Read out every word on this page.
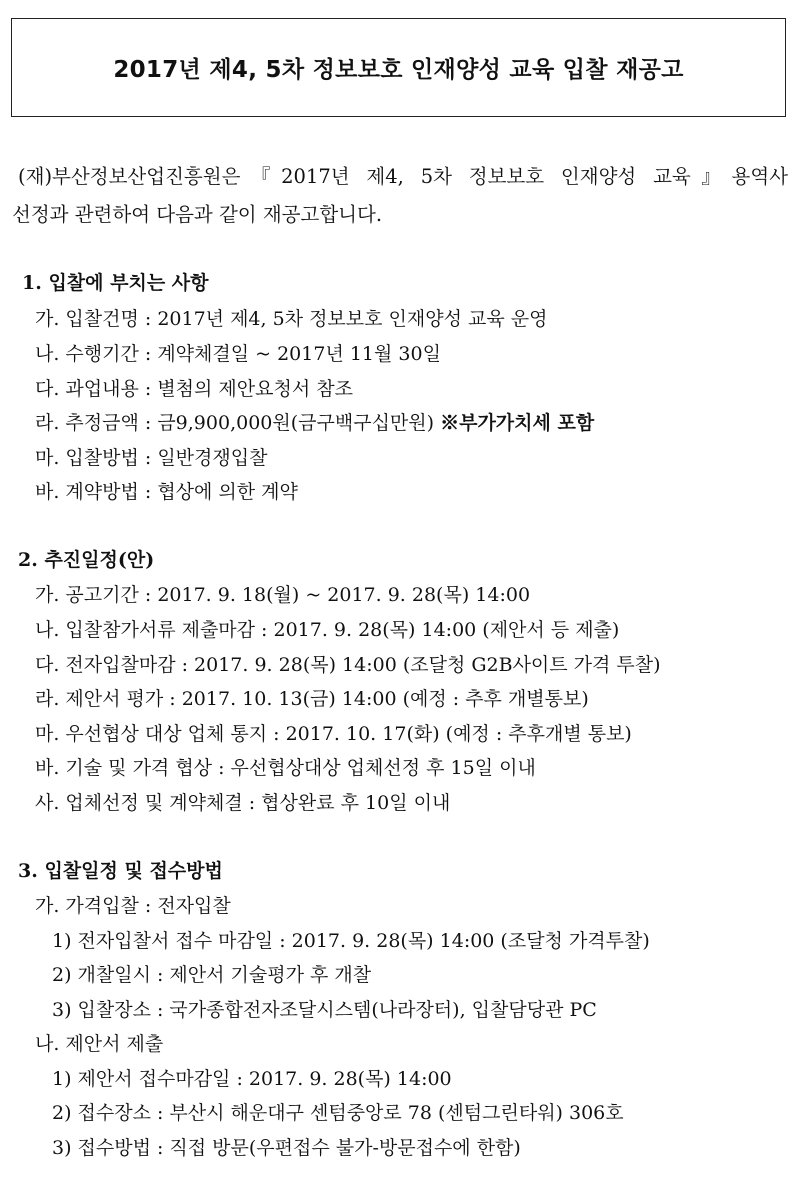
2017년 제4, 5차 정보보호 인재양성 교육 입찰 재공고

(재)부산정보산업진흥원은『2017년 제4, 5차 정보보호 인재양성 교육』용역사

선정과 관련하여 다음과 같이 재공고합니다.

1. 입찰에 부치는 사항
가. 입찰건명 : 2017년 제4, 5차 정보보호 인재양성 교육 운영
나. 수행기간 : 계약체결일 ~ 2017년 11월 30일
다. 과업내용 : 별첨의 제안요청서 참조
라. 추정금액 : 금9,900,000원(금구백구십만원) ※부가가치세 포함
마. 입찰방법 : 일반경쟁입찰
바. 계약방법 : 협상에 의한 계약
2. 추진일정(안)
가. 공고기간 : 2017. 9. 18(월) ~ 2017. 9. 28(목) 14:00
나. 입찰참가서류 제출마감 : 2017. 9. 28(목) 14:00 (제안서 등 제출)
다. 전자입찰마감 : 2017. 9. 28(목) 14:00 (조달청 G2B사이트 가격 투찰)
라. 제안서 평가 : 2017. 10. 13(금) 14:00 (예정 : 추후 개별통보)
마. 우선협상 대상 업체 통지 : 2017. 10. 17(화) (예정 : 추후개별 통보)
바. 기술 및 가격 협상 : 우선협상대상 업체선정 후 15일 이내
사. 업체선정 및 계약체결 : 협상완료 후 10일 이내
3. 입찰일정 및 접수방법
가. 가격입찰 : 전자입찰
1) 전자입찰서 접수 마감일 : 2017. 9. 28(목) 14:00 (조달청 가격투찰)
2) 개찰일시 : 제안서 기술평가 후 개찰
3) 입찰장소 : 국가종합전자조달시스템(나라장터), 입찰담당관 PC
나. 제안서 제출
1) 제안서 접수마감일 : 2017. 9. 28(목) 14:00
2) 접수장소 : 부산시 해운대구 센텀중앙로 78 (센텀그린타워) 306호
3) 접수방법 : 직접 방문(우편접수 불가-방문접수에 한함)
